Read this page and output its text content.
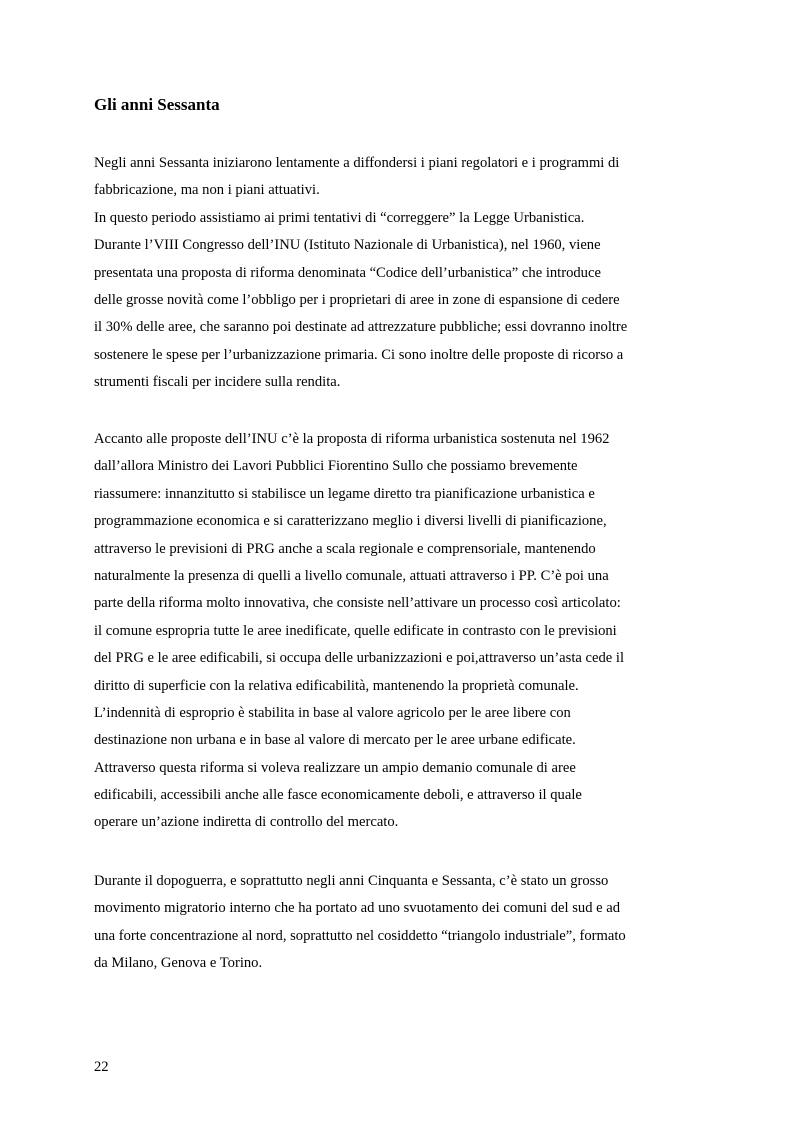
Gli anni Sessanta

Negli anni Sessanta iniziarono lentamente a diffondersi i piani regolatori e i programmi di
fabbricazione, ma non i piani attuativi.
In questo periodo assistiamo ai primi tentativi di “correggere” la Legge Urbanistica.
Durante l’VIII Congresso dell’INU (Istituto Nazionale di Urbanistica), nel 1960, viene
presentata una proposta di riforma denominata “Codice dell’urbanistica” che introduce
delle grosse novità come l’obbligo per i proprietari di aree in zone di espansione di cedere
il 30% delle aree, che saranno poi destinate ad attrezzature pubbliche; essi dovranno inoltre
sostenere le spese per l’urbanizzazione primaria. Ci sono inoltre delle proposte di ricorso a
strumenti fiscali per incidere sulla rendita.

Accanto alle proposte dell’INU c’è la proposta di riforma urbanistica sostenuta nel 1962
dall’allora Ministro dei Lavori Pubblici Fiorentino Sullo che possiamo brevemente
riassumere: innanzitutto si stabilisce un legame diretto tra pianificazione urbanistica e
programmazione economica e si caratterizzano meglio i diversi livelli di pianificazione,
attraverso le previsioni di PRG anche a scala regionale e comprensoriale, mantenendo
naturalmente la presenza di quelli a livello comunale, attuati attraverso i PP. C’è poi una
parte della riforma molto innovativa, che consiste nell’attivare un processo così articolato:
il comune espropria tutte le aree inedificate, quelle edificate in contrasto con le previsioni
del PRG e le aree edificabili, si occupa delle urbanizzazioni e poi,attraverso un’asta cede il
diritto di superficie con la relativa edificabilità, mantenendo la proprietà comunale.
L’indennità di esproprio è stabilita in base al valore agricolo per le aree libere con
destinazione non urbana e in base al valore di mercato per le aree urbane edificate.
Attraverso questa riforma si voleva realizzare un ampio demanio comunale di aree
edificabili, accessibili anche alle fasce economicamente deboli, e attraverso il quale
operare un’azione indiretta di controllo del mercato.

Durante il dopoguerra, e soprattutto negli anni Cinquanta e Sessanta, c’è stato un grosso
movimento migratorio interno che ha portato ad uno svuotamento dei comuni del sud e ad
una forte concentrazione al nord, soprattutto nel cosiddetto “triangolo industriale”, formato
da Milano, Genova e Torino.

22
